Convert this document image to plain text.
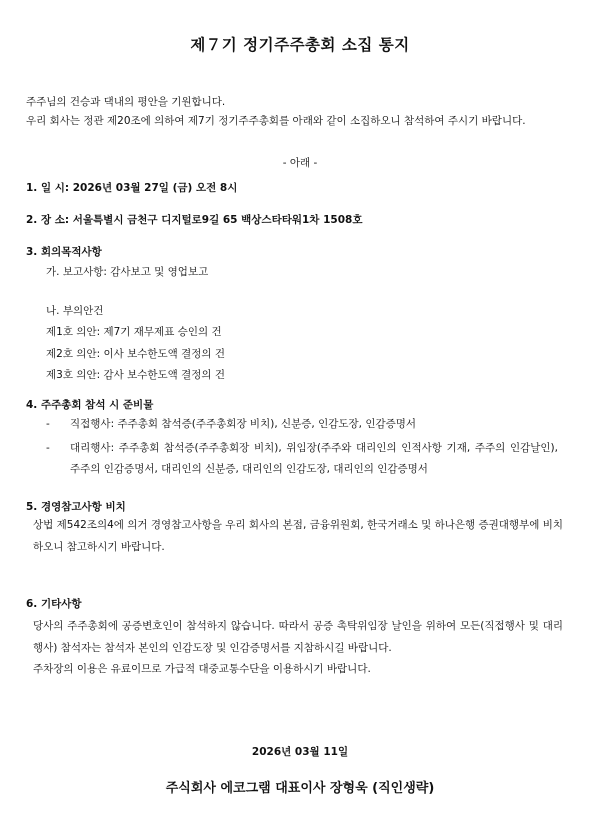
제７기 정기주주총회 소집 통지

주주님의 건승과 댁내의 평안을 기원합니다.

우리 회사는 정관 제20조에 의하여 제7기 정기주주총회를 아래와 같이 소집하오니 참석하여 주시기 바랍니다.

- 아래 -
1. 일 시: 2026년 03월 27일 (금) 오전 8시
2. 장 소: 서울특별시 금천구 디지털로9길 65 백상스타타워1차 1508호
3. 회의목적사항

가. 보고사항: 감사보고 및 영업보고

나. 부의안건

제1호 의안: 제7기 재무제표 승인의 건

제2호 의안: 이사 보수한도액 결정의 건

제3호 의안: 감사 보수한도액 결정의 건

4. 주주총회 참석 시 준비물
-	직접행사: 주주총회 참석증(주주총회장 비치), 신분증, 인감도장, 인감증명서
-	대리행사: 주주총회 참석증(주주총회장 비치), 위임장(주주와 대리인의 인적사항 기재, 주주의 인감날인), 주주의 인감증명서, 대리인의 신분증, 대리인의 인감도장, 대리인의 인감증명서
5. 경영참고사항 비치
상법 제542조의4에 의거 경영참고사항을 우리 회사의 본점, 금융위원회, 한국거래소 및 하나은행 증권대행부에 비치하오니 참고하시기 바랍니다.
6. 기타사항

당사의 주주총회에 공증변호인이 참석하지 않습니다. 따라서 공증 촉탁위임장 날인을 위하여 모든(직접행사 및 대리행사) 참석자는 참석자 본인의 인감도장 및 인감증명서를 지참하시길 바랍니다.

주차장의 이용은 유료이므로 가급적 대중교통수단을 이용하시기 바랍니다.

2026년 03월 11일
주식회사 에코그램 대표이사 장형욱 (직인생략)
